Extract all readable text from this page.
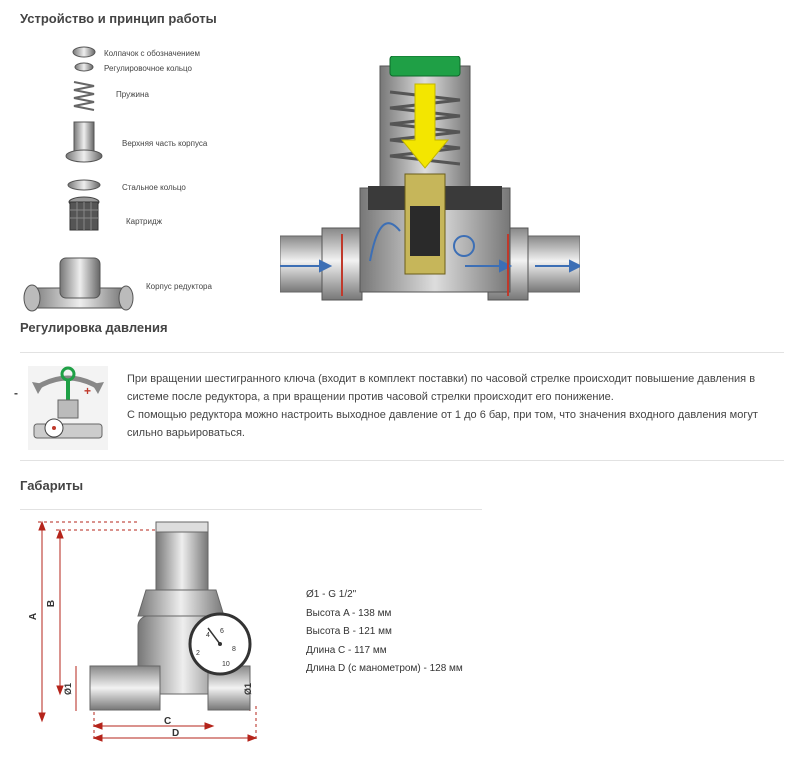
Устройство и принцип работы
Колпачок с обозначением
Регулировочное кольцо
Пружина
Верхняя часть корпуса
Стальное кольцо
Картридж
Корпус редуктора
Регулировка давления
-	+
При вращении шестигранного ключа (входит в комплект поставки) по часовой стрелке происходит повышение давления в системе после редуктора, а при вращении против часовой стрелки происходит его понижение.
С помощью редуктора можно настроить выходное давление от 1 до 6 бар, при том, что значения входного давления могут сильно варьироваться.
Габариты
A
B
C
D
Ø1	Ø1
2
4
6
8
10
Ø1 - G 1/2"
Высота A - 138 мм
Высота B - 121 мм
Длина C - 117 мм
Длина D (с манометром) - 128 мм
